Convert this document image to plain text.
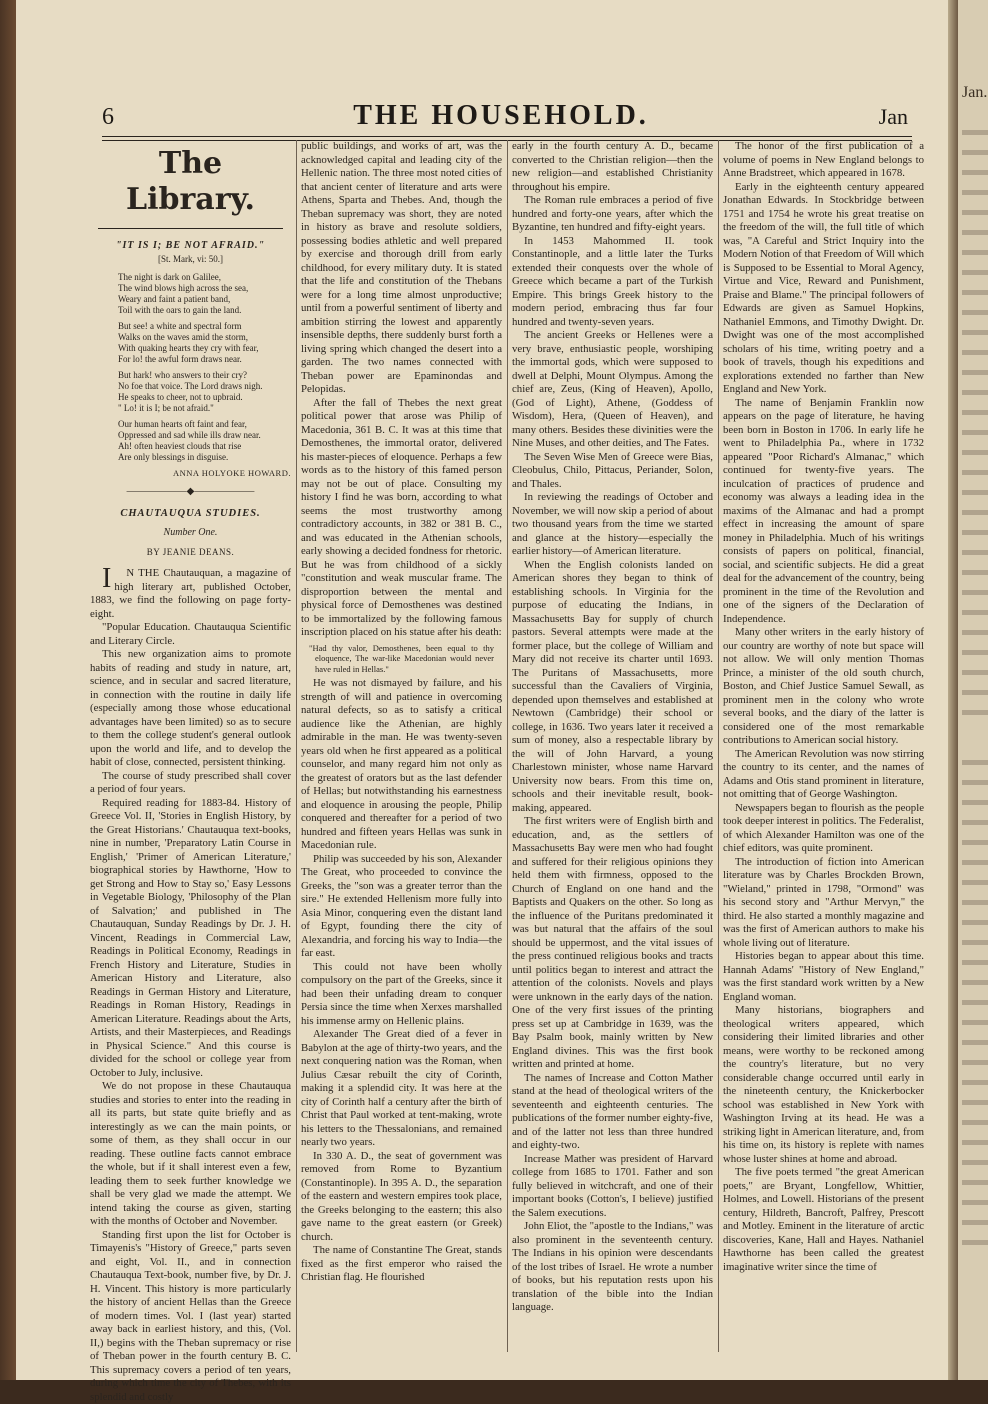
6	THE HOUSEHOLD.	Jan
Jan.
The Library.
"IT IS I; BE NOT AFRAID."
[St. Mark, vi: 50.]
The night is dark on Galilee,
The wind blows high across the sea,
Weary and faint a patient band,
Toil with the oars to gain the land.
But see! a white and spectral form
Walks on the waves amid the storm,
With quaking hearts they cry with fear,
For lo! the awful form draws near.
But hark! who answers to their cry?
No foe that voice. The Lord draws nigh.
He speaks to cheer, not to upbraid.
" Lo! it is I; be not afraid."
Our human hearts oft faint and fear,
Oppressed and sad while ills draw near.
Ah! often heaviest clouds that rise
Are only blessings in disguise.
ANNA HOLYOKE HOWARD.
――――――◆――――――
CHAUTAUQUA STUDIES.
Number One.
BY JEANIE DEANS.

IN THE Chautauquan, a magazine of high literary art, published October, 1883, we find the following on page forty-eight.

"Popular Education. Chautauqua Scientific and Literary Circle.

This new organization aims to promote habits of reading and study in nature, art, science, and in secular and sacred literature, in connection with the routine in daily life (especially among those whose educational advantages have been limited) so as to secure to them the college student's general outlook upon the world and life, and to develop the habit of close, connected, persistent thinking.

The course of study prescribed shall cover a period of four years.

Required reading for 1883-84. History of Greece Vol. II, 'Stories in English History, by the Great Historians.' Chautauqua text-books, nine in number, 'Preparatory Latin Course in English,' 'Primer of American Literature,' biographical stories by Hawthorne, 'How to get Strong and How to Stay so,' Easy Lessons in Vegetable Biology, 'Philosophy of the Plan of Salvation;' and published in The Chautauquan, Sunday Readings by Dr. J. H. Vincent, Readings in Commercial Law, Readings in Political Economy, Readings in French History and Literature, Studies in American History and Literature, also Readings in German History and Literature, Readings in Roman History, Readings in American Literature. Readings about the Arts, Artists, and their Masterpieces, and Readings in Physical Science." And this course is divided for the school or college year from October to July, inclusive.

We do not propose in these Chautauqua studies and stories to enter into the reading in all its parts, but state quite briefly and as interestingly as we can the main points, or some of them, as they shall occur in our reading. These outline facts cannot embrace the whole, but if it shall interest even a few, leading them to seek further knowledge we shall be very glad we made the attempt. We intend taking the course as given, starting with the months of October and November.

Standing first upon the list for October is Timayenis's "History of Greece," parts seven and eight, Vol. II., and in connection Chautauqua Text-book, number five, by Dr. J. H. Vincent. This history is more particularly the history of ancient Hellas than the Greece of modern times. Vol. I (last year) started away back in earliest history, and this, (Vol. II,) begins with the Theban supremacy or rise of Theban power in the fourth century B. C. This supremacy covers a period of ten years, during which time the city of Thebes, with its splendid and costly

public buildings, and works of art, was the acknowledged capital and leading city of the Hellenic nation. The three most noted cities of that ancient center of literature and arts were Athens, Sparta and Thebes. And, though the Theban supremacy was short, they are noted in history as brave and resolute soldiers, possessing bodies athletic and well prepared by exercise and thorough drill from early childhood, for every military duty. It is stated that the life and constitution of the Thebans were for a long time almost unproductive; until from a powerful sentiment of liberty and ambition stirring the lowest and apparently insensible depths, there suddenly burst forth a living spring which changed the desert into a garden. The two names connected with Theban power are Epaminondas and Pelopidas.

After the fall of Thebes the next great political power that arose was Philip of Macedonia, 361 B. C. It was at this time that Demosthenes, the immortal orator, delivered his master-pieces of eloquence. Perhaps a few words as to the history of this famed person may not be out of place. Consulting my history I find he was born, according to what seems the most trustworthy among contradictory accounts, in 382 or 381 B. C., and was educated in the Athenian schools, early showing a decided fondness for rhetoric. But he was from childhood of a sickly "constitution and weak muscular frame. The disproportion between the mental and physical force of Demosthenes was destined to be immortalized by the following famous inscription placed on his statue after his death:

"Had thy valor, Demosthenes, been equal to thy eloquence, The war-like Macedonian would never have ruled in Hellas."

He was not dismayed by failure, and his strength of will and patience in overcoming natural defects, so as to satisfy a critical audience like the Athenian, are highly admirable in the man. He was twenty-seven years old when he first appeared as a political counselor, and many regard him not only as the greatest of orators but as the last defender of Hellas; but notwithstanding his earnestness and eloquence in arousing the people, Philip conquered and thereafter for a period of two hundred and fifteen years Hellas was sunk in Macedonian rule.

Philip was succeeded by his son, Alexander The Great, who proceeded to convince the Greeks, the "son was a greater terror than the sire." He extended Hellenism more fully into Asia Minor, conquering even the distant land of Egypt, founding there the city of Alexandria, and forcing his way to India—the far east.

This could not have been wholly compulsory on the part of the Greeks, since it had been their unfading dream to conquer Persia since the time when Xerxes marshalled his immense army on Hellenic plains.

Alexander The Great died of a fever in Babylon at the age of thirty-two years, and the next conquering nation was the Roman, when Julius Cæsar rebuilt the city of Corinth, making it a splendid city. It was here at the city of Corinth half a century after the birth of Christ that Paul worked at tent-making, wrote his letters to the Thessalonians, and remained nearly two years.

In 330 A. D., the seat of government was removed from Rome to Byzantium (Constantinople). In 395 A. D., the separation of the eastern and western empires took place, the Greeks belonging to the eastern; this also gave name to the great eastern (or Greek) church.

The name of Constantine The Great, stands fixed as the first emperor who raised the Christian flag. He flourished

early in the fourth century A. D., became converted to the Christian religion—then the new religion—and established Christianity throughout his empire.

The Roman rule embraces a period of five hundred and forty-one years, after which the Byzantine, ten hundred and fifty-eight years.

In 1453 Mahommed II. took Constantinople, and a little later the Turks extended their conquests over the whole of Greece which became a part of the Turkish Empire. This brings Greek history to the modern period, embracing thus far four hundred and twenty-seven years.

The ancient Greeks or Hellenes were a very brave, enthusiastic people, worshiping the immortal gods, which were supposed to dwell at Delphi, Mount Olympus. Among the chief are, Zeus, (King of Heaven), Apollo, (God of Light), Athene, (Goddess of Wisdom), Hera, (Queen of Heaven), and many others. Besides these divinities were the Nine Muses, and other deities, and The Fates.

The Seven Wise Men of Greece were Bias, Cleobulus, Chilo, Pittacus, Periander, Solon, and Thales.

In reviewing the readings of October and November, we will now skip a period of about two thousand years from the time we started and glance at the history—especially the earlier history—of American literature.

When the English colonists landed on American shores they began to think of establishing schools. In Virginia for the purpose of educating the Indians, in Massachusetts Bay for supply of church pastors. Several attempts were made at the former place, but the college of William and Mary did not receive its charter until 1693. The Puritans of Massachusetts, more successful than the Cavaliers of Virginia, depended upon themselves and established at Newtown (Cambridge) their school or college, in 1636. Two years later it received a sum of money, also a respectable library by the will of John Harvard, a young Charlestown minister, whose name Harvard University now bears. From this time on, schools and their inevitable result, book-making, appeared.

The first writers were of English birth and education, and, as the settlers of Massachusetts Bay were men who had fought and suffered for their religious opinions they held them with firmness, opposed to the Church of England on one hand and the Baptists and Quakers on the other. So long as the influence of the Puritans predominated it was but natural that the affairs of the soul should be uppermost, and the vital issues of the press continued religious books and tracts until politics began to interest and attract the attention of the colonists. Novels and plays were unknown in the early days of the nation. One of the very first issues of the printing press set up at Cambridge in 1639, was the Bay Psalm book, mainly written by New England divines. This was the first book written and printed at home.

The names of Increase and Cotton Mather stand at the head of theological writers of the seventeenth and eighteenth centuries. The publications of the former number eighty-five, and of the latter not less than three hundred and eighty-two.

Increase Mather was president of Harvard college from 1685 to 1701. Father and son fully believed in witchcraft, and one of their important books (Cotton's, I believe) justified the Salem executions.

John Eliot, the "apostle to the Indians," was also prominent in the seventeenth century. The Indians in his opinion were descendants of the lost tribes of Israel. He wrote a number of books, but his reputation rests upon his translation of the bible into the Indian language.

The honor of the first publication of a volume of poems in New England belongs to Anne Bradstreet, which appeared in 1678.

Early in the eighteenth century appeared Jonathan Edwards. In Stockbridge between 1751 and 1754 he wrote his great treatise on the freedom of the will, the full title of which was, "A Careful and Strict Inquiry into the Modern Notion of that Freedom of Will which is Supposed to be Essential to Moral Agency, Virtue and Vice, Reward and Punishment, Praise and Blame." The principal followers of Edwards are given as Samuel Hopkins, Nathaniel Emmons, and Timothy Dwight. Dr. Dwight was one of the most accomplished scholars of his time, writing poetry and a book of travels, though his expeditions and explorations extended no farther than New England and New York.

The name of Benjamin Franklin now appears on the page of literature, he having been born in Boston in 1706. In early life he went to Philadelphia Pa., where in 1732 appeared "Poor Richard's Almanac," which continued for twenty-five years. The inculcation of practices of prudence and economy was always a leading idea in the maxims of the Almanac and had a prompt effect in increasing the amount of spare money in Philadelphia. Much of his writings consists of papers on political, financial, social, and scientific subjects. He did a great deal for the advancement of the country, being prominent in the time of the Revolution and one of the signers of the Declaration of Independence.

Many other writers in the early history of our country are worthy of note but space will not allow. We will only mention Thomas Prince, a minister of the old south church, Boston, and Chief Justice Samuel Sewall, as prominent men in the colony who wrote several books, and the diary of the latter is considered one of the most remarkable contributions to American social history.

The American Revolution was now stirring the country to its center, and the names of Adams and Otis stand prominent in literature, not omitting that of George Washington.

Newspapers began to flourish as the people took deeper interest in politics. The Federalist, of which Alexander Hamilton was one of the chief editors, was quite prominent.

The introduction of fiction into American literature was by Charles Brockden Brown, "Wieland," printed in 1798, "Ormond" was his second story and "Arthur Mervyn," the third. He also started a monthly magazine and was the first of American authors to make his whole living out of literature.

Histories began to appear about this time. Hannah Adams' "History of New England," was the first standard work written by a New England woman.

Many historians, biographers and theological writers appeared, which considering their limited libraries and other means, were worthy to be reckoned among the country's literature, but no very considerable change occurred until early in the nineteenth century, the Knickerbocker school was established in New York with Washington Irving at its head. He was a striking light in American literature, and, from his time on, its history is replete with names whose luster shines at home and abroad.

The five poets termed "the great American poets," are Bryant, Longfellow, Whittier, Holmes, and Lowell. Historians of the present century, Hildreth, Bancroft, Palfrey, Prescott and Motley. Eminent in the literature of arctic discoveries, Kane, Hall and Hayes. Nathaniel Hawthorne has been called the greatest imaginative writer since the time of
